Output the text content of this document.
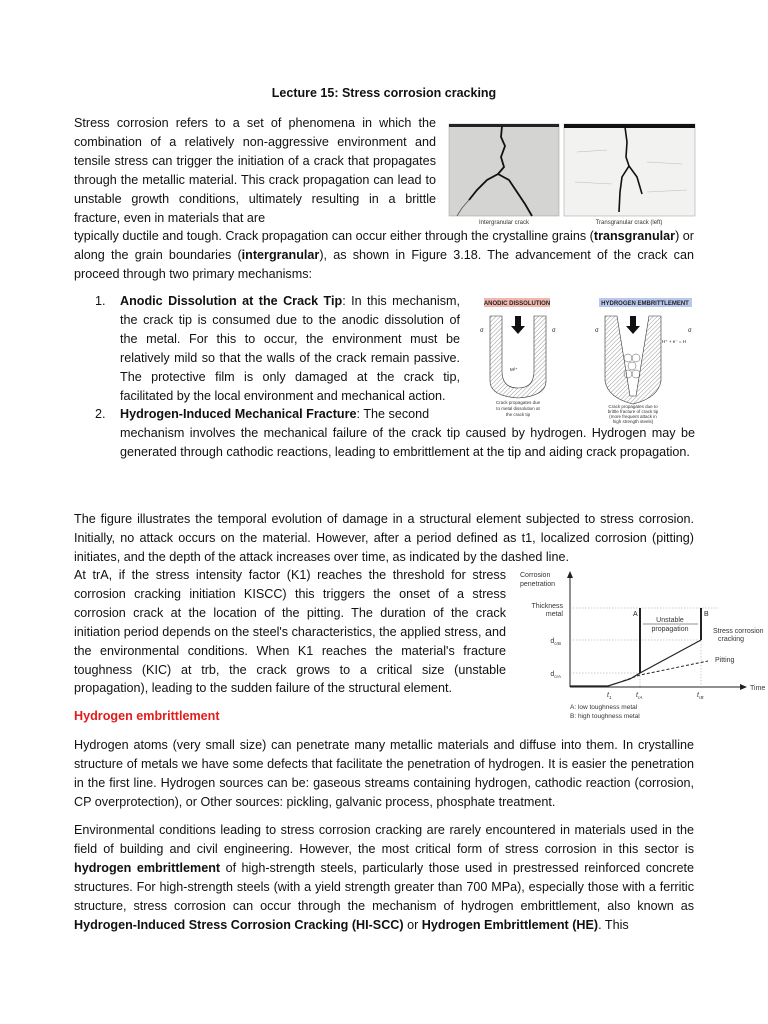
Lecture 15: Stress corrosion cracking
Stress corrosion refers to a set of phenomena in which the combination of a relatively non-aggressive environment and tensile stress can trigger the initiation of a crack that propagates through the metallic material. This crack propagation can lead to unstable growth conditions, ultimately resulting in a brittle fracture, even in materials that are
typically ductile and tough. Crack propagation can occur either through the crystalline grains (transgranular) or along the grain boundaries (intergranular), as shown in Figure 3.18. The advancement of the crack can proceed through two primary mechanisms:
Intergranular crack	Transgranular crack (left)
1. Anodic Dissolution at the Crack Tip: In this mechanism, the crack tip is consumed due to the anodic dissolution of the metal. For this to occur, the environment must be relatively mild so that the walls of the crack remain passive. The protective film is only damaged at the crack tip, facilitated by the local environment and mechanical action.
2. Hydrogen-Induced Mechanical Fracture: The second
mechanism involves the mechanical failure of the crack tip caused by hydrogen. Hydrogen may be generated through cathodic reactions, leading to embrittlement at the tip and aiding crack propagation.
ANODIC DISSOLUTION	HYDROGEN EMBRITTLEMENT
σ	σ
M²⁺
σ	σ
H⁺ + e⁻ = H
Crack propagates due
to metal dissolution at
the crack tip
Crack propagates due to
brittle fracture of crack tip
(more frequent attack in
high strength steels)
The figure illustrates the temporal evolution of damage in a structural element subjected to stress corrosion. Initially, no attack occurs on the material. However, after a period defined as t1, localized corrosion (pitting) initiates, and the depth of the attack increases over time, as indicated by the dashed line.
At trA, if the stress intensity factor (K1) reaches the threshold for stress corrosion cracking initiation KISCC) this triggers the onset of a stress corrosion crack at the location of the pitting. The duration of the crack initiation period depends on the steel's characteristics, the applied stress, and the environmental conditions. When K1 reaches the material's fracture toughness (KIC) at trb, the crack grows to a critical size (unstable propagation), leading to the sudden failure of the structural element.
Corrosion
penetration
Time
Thickness
metal
$d_{crB}$
$d_{crA}$
A	B
Unstable
propagation	Stress corrosion
cracking
Pitting
$t_1$	$t_{rA}$	$t_{rB}$
A: low toughness metal
B: high toughness metal
Hydrogen embrittlement
Hydrogen atoms (very small size) can penetrate many metallic materials and diffuse into them. In crystalline structure of metals we have some defects that facilitate the penetration of hydrogen. It is easier the penetration in the first line. Hydrogen sources can be: gaseous streams containing hydrogen, cathodic reaction (corrosion, CP overprotection), or Other sources: pickling, galvanic process, phosphate treatment.
Environmental conditions leading to stress corrosion cracking are rarely encountered in materials used in the field of building and civil engineering. However, the most critical form of stress corrosion in this sector is hydrogen embrittlement of high-strength steels, particularly those used in prestressed reinforced concrete structures. For high-strength steels (with a yield strength greater than 700 MPa), especially those with a ferritic structure, stress corrosion can occur through the mechanism of hydrogen embrittlement, also known as Hydrogen-Induced Stress Corrosion Cracking (HI-SCC) or Hydrogen Embrittlement (HE). This
